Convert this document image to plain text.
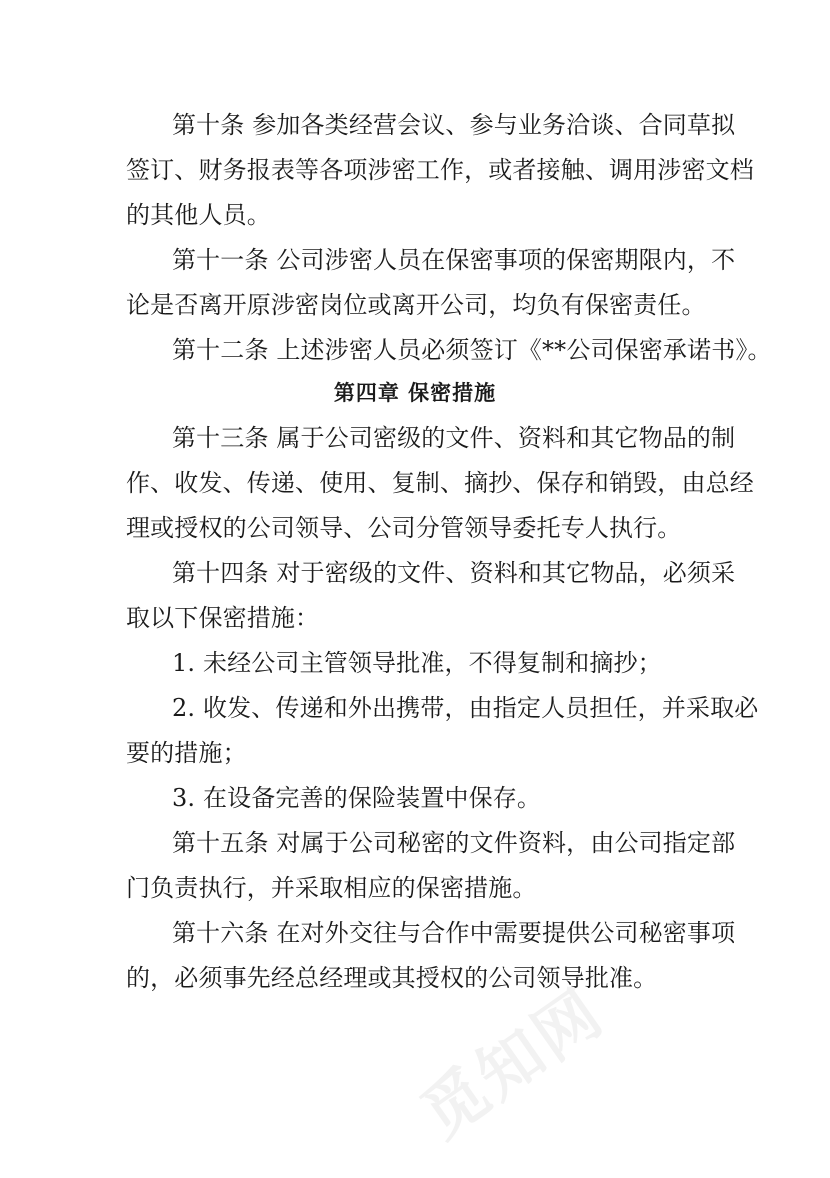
第十条 参加各类经营会议、参与业务洽谈、合同草拟
签订、财务报表等各项涉密工作，或者接触、调用涉密文档
的其他人员。
第十一条 公司涉密人员在保密事项的保密期限内，不
论是否离开原涉密岗位或离开公司，均负有保密责任。
第十二条 上述涉密人员必须签订《**公司保密承诺书》。
第四章 保密措施
第十三条 属于公司密级的文件、资料和其它物品的制
作、收发、传递、使用、复制、摘抄、保存和销毁，由总经
理或授权的公司领导、公司分管领导委托专人执行。
第十四条 对于密级的文件、资料和其它物品，必须采
取以下保密措施：
1. 未经公司主管领导批准，不得复制和摘抄；
2. 收发、传递和外出携带，由指定人员担任，并采取必
要的措施；
3. 在设备完善的保险装置中保存。
第十五条 对属于公司秘密的文件资料，由公司指定部
门负责执行，并采取相应的保密措施。
第十六条 在对外交往与合作中需要提供公司秘密事项
的，必须事先经总经理或其授权的公司领导批准。
觅知网
